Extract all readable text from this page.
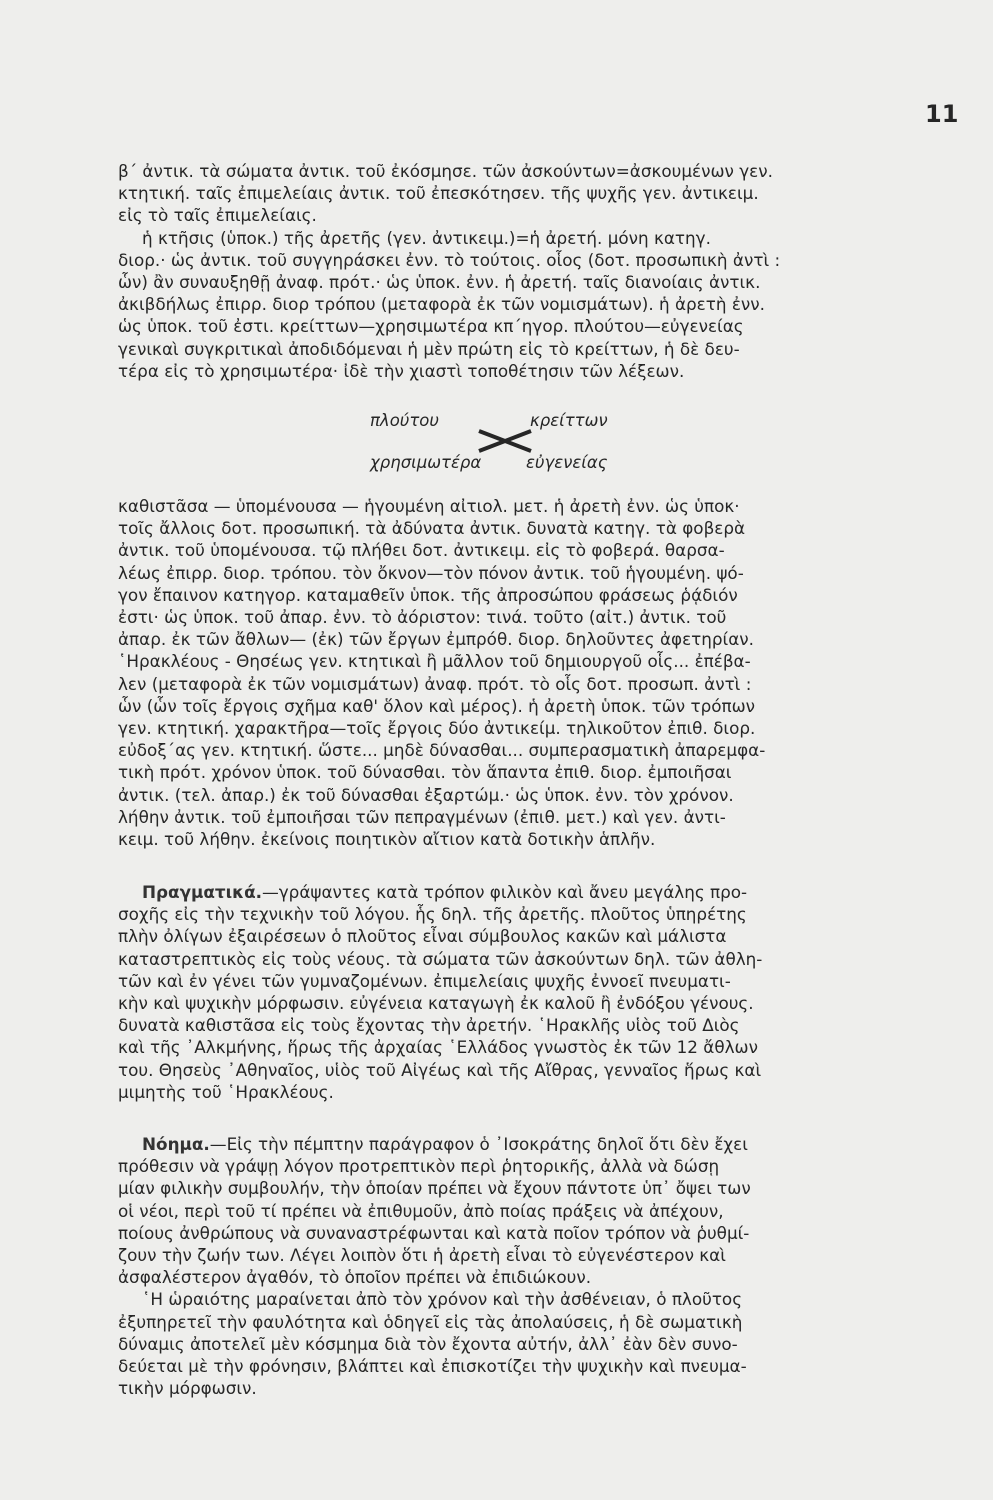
11
β΄ ἀντικ. τὰ σώματα ἀντικ. τοῦ ἐκόσμησε. τῶν ἀσκούντων=ἀσκουμένων γεν.
κτητική. ταῖς ἐπιμελείαις ἀντικ. τοῦ ἐπεσκότησεν. τῆς ψυχῆς γεν. ἀντικειμ.
εἰς τὸ ταῖς ἐπιμελείαις.
ἡ κτῆσις (ὑποκ.) τῆς ἀρετῆς (γεν. ἀντικειμ.)=ἡ ἀρετή. μόνη κατηγ.
διορ.· ὡς ἀντικ. τοῦ συγγηράσκει ἐνν. τὸ τούτοις. οἷος (δοτ. προσωπικὴ ἀντὶ :
ὧν) ἂν συναυξηθῇ ἀναφ. πρότ.· ὡς ὑποκ. ἐνν. ἡ ἀρετή. ταῖς διανοίαις ἀντικ.
ἀκιβδήλως ἐπιρρ. διορ τρόπου (μεταφορὰ ἐκ τῶν νομισμάτων). ἡ ἀρετὴ ἐνν.
ὡς ὑποκ. τοῦ ἐστι. κρείττων—χρησιμωτέρα κπ΄ηγορ. πλούτου—εὐγενείας
γενικαὶ συγκριτικαὶ ἀποδιδόμεναι ἡ μὲν πρώτη εἰς τὸ κρείττων, ἡ δὲ δευ-
τέρα εἰς τὸ χρησιμωτέρα· ἰδὲ τὴν χιαστὶ τοποθέτησιν τῶν λέξεων.
πλούτου	κρείττων
χρησιμωτέρα	εὐγενείας
καθιστᾶσα — ὑπομένουσα — ἡγουμένη αἰτιολ. μετ. ἡ ἀρετὴ ἐνν. ὡς ὑποκ·
τοῖς ἄλλοις δοτ. προσωπική. τὰ ἀδύνατα ἀντικ. δυνατὰ κατηγ. τὰ φοβερὰ
ἀντικ. τοῦ ὑπομένουσα. τῷ πλήθει δοτ. ἀντικειμ. εἰς τὸ φοβερά. θαρσα-
λέως ἐπιρρ. διορ. τρόπου. τὸν ὄκνον—τὸν πόνον ἀντικ. τοῦ ἡγουμένη. ψό-
γον ἔπαινον κατηγορ. καταμαθεῖν ὑποκ. τῆς ἀπροσώπου φράσεως ῥᾴδιόν
ἐστι· ὡς ὑποκ. τοῦ ἀπαρ. ἐνν. τὸ ἀόριστον: τινά. τοῦτο (αἰτ.) ἀντικ. τοῦ
ἀπαρ. ἐκ τῶν ἄθλων— (ἐκ) τῶν ἔργων ἐμπρόθ. διορ. δηλοῦντες ἀφετηρίαν.
῾Ηρακλέους - Θησέως γεν. κτητικαὶ ἢ μᾶλλον τοῦ δημιουργοῦ οἷς... ἐπέβα-
λεν (μεταφορὰ ἐκ τῶν νομισμάτων) ἀναφ. πρότ. τὸ οἷς δοτ. προσωπ. ἀντὶ :
ὧν (ὧν τοῖς ἔργοις σχῆμα καθ' ὅλον καὶ μέρος). ἡ ἀρετὴ ὑποκ. τῶν τρόπων
γεν. κτητική. χαρακτῆρα—τοῖς ἔργοις δύο ἀντικείμ. τηλικοῦτον ἐπιθ. διορ.
εὐδοξ΄ας γεν. κτητική. ὥστε... μηδὲ δύνασθαι... συμπερασματικὴ ἀπαρεμφα-
τικὴ πρότ. χρόνον ὑποκ. τοῦ δύνασθαι. τὸν ἅπαντα ἐπιθ. διορ. ἐμποιῆσαι
ἀντικ. (τελ. ἀπαρ.) ἐκ τοῦ δύνασθαι ἐξαρτώμ.· ὡς ὑποκ. ἐνν. τὸν χρόνον.
λήθην ἀντικ. τοῦ ἐμποιῆσαι τῶν πεπραγμένων (ἐπιθ. μετ.) καὶ γεν. ἀντι-
κειμ. τοῦ λήθην. ἐκείνοις ποιητικὸν αἴτιον κατὰ δοτικὴν ἁπλῆν.
Πραγματικά.—γράψαντες κατὰ τρόπον φιλικὸν καὶ ἄνευ μεγάλης προ-
σοχῆς εἰς τὴν τεχνικὴν τοῦ λόγου. ἧς δηλ. τῆς ἀρετῆς. πλοῦτος ὑπηρέτης
πλὴν ὀλίγων ἐξαιρέσεων ὁ πλοῦτος εἶναι σύμβουλος κακῶν καὶ μάλιστα
καταστρεπτικὸς εἰς τοὺς νέους. τὰ σώματα τῶν ἀσκούντων δηλ. τῶν ἀθλη-
τῶν καὶ ἐν γένει τῶν γυμναζομένων. ἐπιμελείαις ψυχῆς ἐννοεῖ πνευματι-
κὴν καὶ ψυχικὴν μόρφωσιν. εὐγένεια καταγωγὴ ἐκ καλοῦ ἢ ἐνδόξου γένους.
δυνατὰ καθιστᾶσα εἰς τοὺς ἔχοντας τὴν ἀρετήν. ῾Ηρακλῆς υἱὸς τοῦ Διὸς
καὶ τῆς ᾿Αλκμήνης, ἥρως τῆς ἀρχαίας ῾Ελλάδος γνωστὸς ἐκ τῶν 12 ἄθλων
του. Θησεὺς ᾿Αθηναῖος, υἱὸς τοῦ Αἰγέως καὶ τῆς Αἴθρας, γενναῖος ἥρως καὶ
μιμητὴς τοῦ ῾Ηρακλέους.
Νόημα.—Εἰς τὴν πέμπτην παράγραφον ὁ ᾿Ισοκράτης δηλοῖ ὅτι δὲν ἔχει
πρόθεσιν νὰ γράψῃ λόγον προτρεπτικὸν περὶ ῥητορικῆς, ἀλλὰ νὰ δώσῃ
μίαν φιλικὴν συμβουλήν, τὴν ὁποίαν πρέπει νὰ ἔχουν πάντοτε ὑπ᾿ ὄψει των
οἱ νέοι, περὶ τοῦ τί πρέπει νὰ ἐπιθυμοῦν, ἀπὸ ποίας πράξεις νὰ ἀπέχουν,
ποίους ἀνθρώπους νὰ συναναστρέφωνται καὶ κατὰ ποῖον τρόπον νὰ ῥυθμί-
ζουν τὴν ζωήν των. Λέγει λοιπὸν ὅτι ἡ ἀρετὴ εἶναι τὸ εὐγενέστερον καὶ
ἀσφαλέστερον ἀγαθόν, τὸ ὁποῖον πρέπει νὰ ἐπιδιώκουν.
῾Η ὡραιότης μαραίνεται ἀπὸ τὸν χρόνον καὶ τὴν ἀσθένειαν, ὁ πλοῦτος
ἐξυπηρετεῖ τὴν φαυλότητα καὶ ὁδηγεῖ εἰς τὰς ἀπολαύσεις, ἡ δὲ σωματικὴ
δύναμις ἀποτελεῖ μὲν κόσμημα διὰ τὸν ἔχοντα αὐτήν, ἀλλ᾿ ἐὰν δὲν συνο-
δεύεται μὲ τὴν φρόνησιν, βλάπτει καὶ ἐπισκοτίζει τὴν ψυχικὴν καὶ πνευμα-
τικὴν μόρφωσιν.
